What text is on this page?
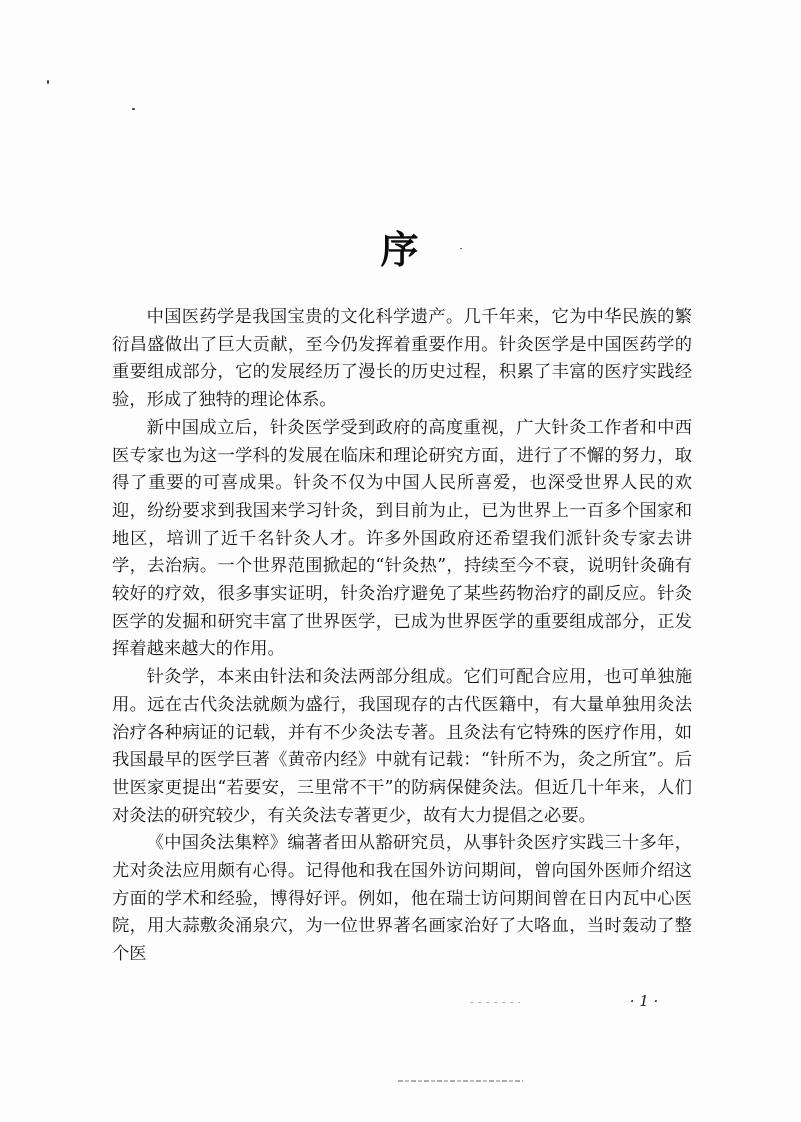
序

中国医药学是我国宝贵的文化科学遗产。几千年来，它为中华民族的繁衍昌盛做出了巨大贡献，至今仍发挥着重要作用。针灸医学是中国医药学的重要组成部分，它的发展经历了漫长的历史过程，积累了丰富的医疗实践经验，形成了独特的理论体系。

新中国成立后，针灸医学受到政府的高度重视，广大针灸工作者和中西医专家也为这一学科的发展在临床和理论研究方面，进行了不懈的努力，取得了重要的可喜成果。针灸不仅为中国人民所喜爱，也深受世界人民的欢迎，纷纷要求到我国来学习针灸，到目前为止，已为世界上一百多个国家和地区，培训了近千名针灸人才。许多外国政府还希望我们派针灸专家去讲学，去治病。一个世界范围掀起的“针灸热”，持续至今不衰，说明针灸确有较好的疗效，很多事实证明，针灸治疗避免了某些药物治疗的副反应。针灸医学的发掘和研究丰富了世界医学，已成为世界医学的重要组成部分，正发挥着越来越大的作用。

针灸学，本来由针法和灸法两部分组成。它们可配合应用，也可单独施用。远在古代灸法就颇为盛行，我国现存的古代医籍中，有大量单独用灸法治疗各种病证的记载，并有不少灸法专著。且灸法有它特殊的医疗作用，如我国最早的医学巨著《黄帝内经》中就有记载：“针所不为，灸之所宜”。后世医家更提出“若要安，三里常不干”的防病保健灸法。但近几十年来，人们对灸法的研究较少，有关灸法专著更少，故有大力提倡之必要。

《中国灸法集粹》编著者田从豁研究员，从事针灸医疗实践三十多年，尤对灸法应用颇有心得。记得他和我在国外访问期间，曾向国外医师介绍这方面的学术和经验，博得好评。例如，他在瑞士访问期间曾在日内瓦中心医院，用大蒜敷灸涌泉穴，为一位世界著名画家治好了大咯血，当时轰动了整个医

· 1 ·
